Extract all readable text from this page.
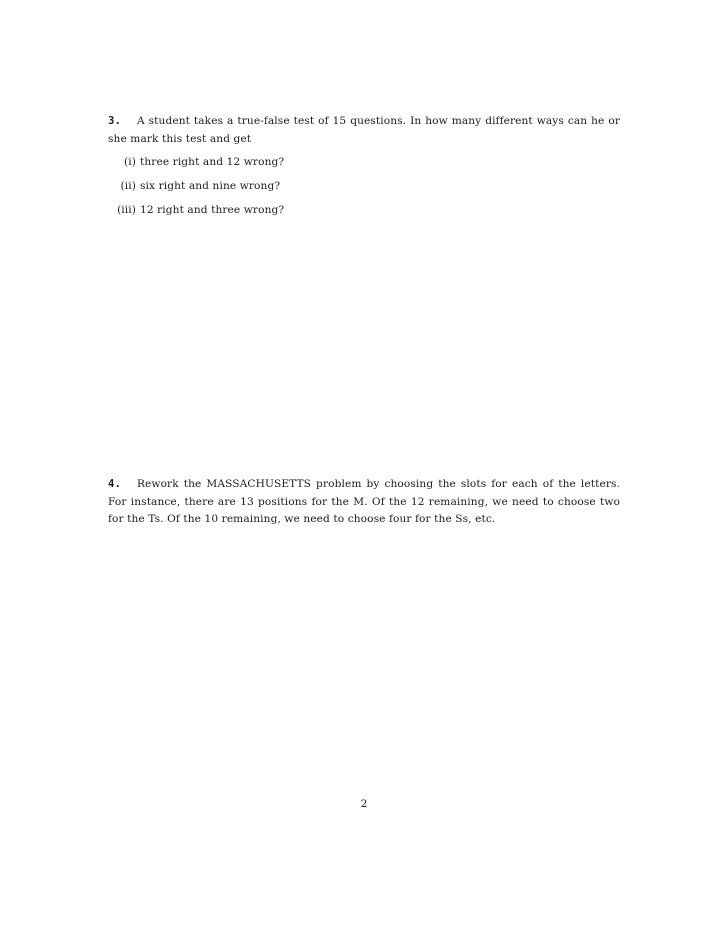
3. A student takes a true-false test of 15 questions. In how many different ways can he or she mark this test and get

(i) three right and 12 wrong?
(ii) six right and nine wrong?
(iii) 12 right and three wrong?

4. Rework the MASSACHUSETTS problem by choosing the slots for each of the letters. For instance, there are 13 positions for the M. Of the 12 remaining, we need to choose two for the Ts. Of the 10 remaining, we need to choose four for the Ss, etc.

2
